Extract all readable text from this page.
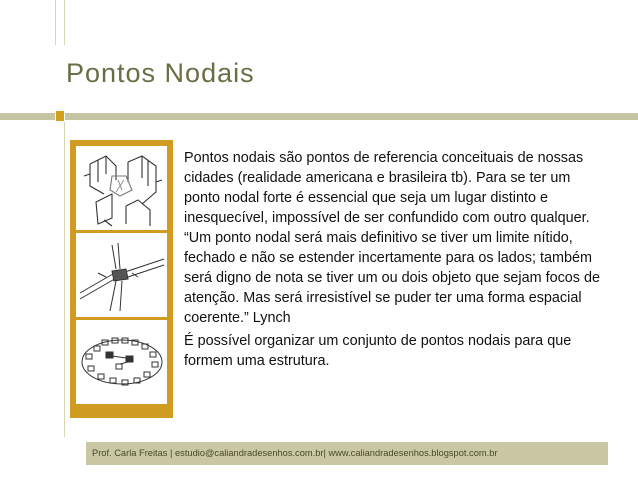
Pontos Nodais

Pontos nodais são pontos de referencia conceituais de nossas cidades (realidade americana e brasileira tb). Para se ter um ponto nodal forte é essencial que seja um lugar distinto e inesquecível, impossível de ser confundido com outro qualquer. “Um ponto nodal será mais definitivo se tiver um limite nítido, fechado e não se estender incertamente para os lados; também será digno de nota se tiver um ou dois objeto que sejam focos de atenção. Mas será irresistível se puder ter uma forma espacial coerente.” Lynch

É possível organizar um conjunto de pontos nodais para que formem uma estrutura.

Prof. Carla Freitas | estudio@caliandradesenhos.com.br| www.caliandradesenhos.blogspot.com.br
